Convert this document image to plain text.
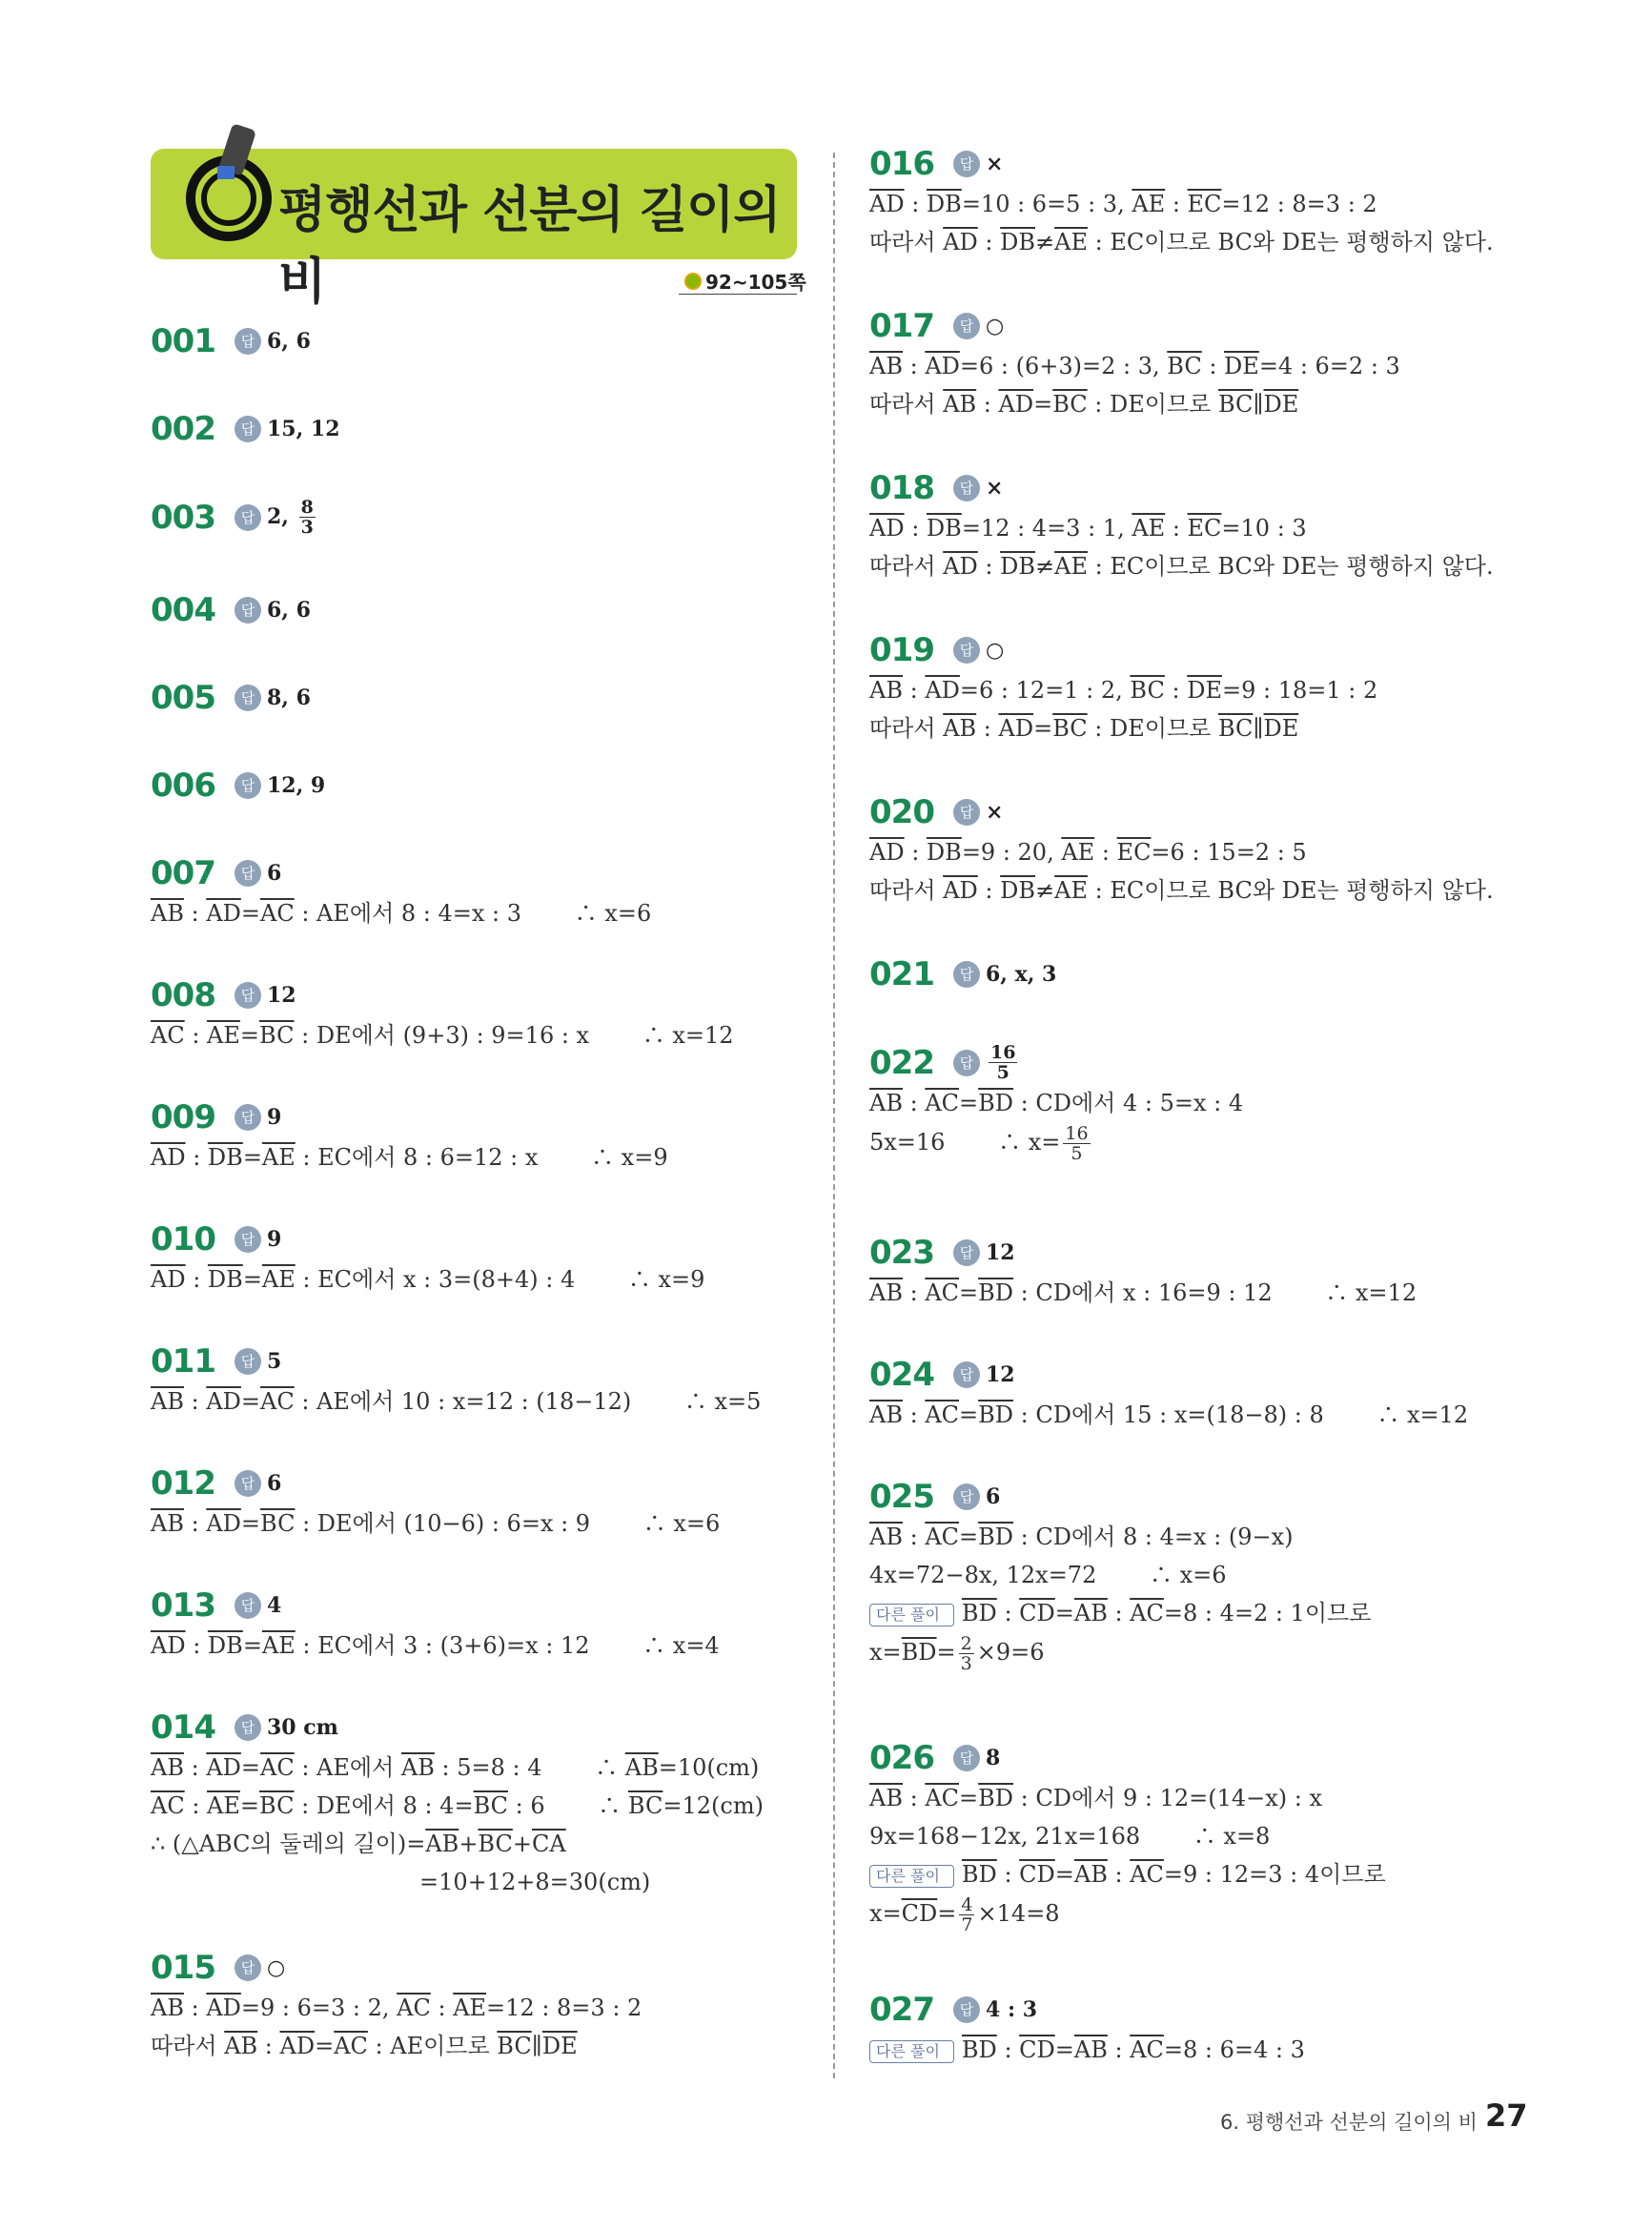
평행선과 선분의 길이의 비	92~105쪽
001 답 6, 6
002 답 15, 12
003 답 2, $\frac{8}{3}$
004 답 6, 6
005 답 8, 6
006 답 12, 9
007 답 6
$\overline{AB}$ : $\overline{AD}=\overline{AC}$ : AE에서 8 : 4=x : 3　　 ∴ x=6
008 답 12
$\overline{AC}$ : $\overline{AE}=\overline{BC}$ : DE에서 (9+3) : 9=16 : x　　 ∴ x=12
009 답 9
$\overline{AD}$ : $\overline{DB}=\overline{AE}$ : EC에서 8 : 6=12 : x　　 ∴ x=9
010 답 9
$\overline{AD}$ : $\overline{DB}=\overline{AE}$ : EC에서 x : 3=(8+4) : 4　　 ∴ x=9
011 답 5
$\overline{AB}$ : $\overline{AD}=\overline{AC}$ : AE에서 10 : x=12 : (18−12)　　 ∴ x=5
012 답 6
$\overline{AB}$ : $\overline{AD}=\overline{BC}$ : DE에서 (10−6) : 6=x : 9　　 ∴ x=6
013 답 4
$\overline{AD}$ : $\overline{DB}=\overline{AE}$ : EC에서 3 : (3+6)=x : 12　　 ∴ x=4
014 답 30 cm
$\overline{AB}$ : $\overline{AD}=\overline{AC}$ : AE에서 $\overline{AB}$ : 5=8 : 4　　 ∴ $\overline{AB}=10(cm)$
$\overline{AC}$ : $\overline{AE}=\overline{BC}$ : DE에서 8 : $4=\overline{BC}$ : 6　　 ∴ $\overline{BC}=12(cm)$
∴ (△ABC의 둘레의 길이)$=\overline{AB}+\overline{BC}+\overline{CA}$
=10+12+8=30(cm)
015 답 ○
$\overline{AB}$ : $\overline{AD}=9$ : 6=3 : 2, $\overline{AC}$ : $\overline{AE}=12$ : 8=3 : 2
따라서 $\overline{AB}$ : $\overline{AD}=\overline{AC}$ : AE이므로 $\overline{BC}\parallel\overline{DE}$
016 답 ×
$\overline{AD}$ : $\overline{DB}=10$ : 6=5 : 3, $\overline{AE}$ : $\overline{EC}=12$ : 8=3 : 2
따라서 $\overline{AD}$ : $\overline{DB}\ne\overline{AE}$ : EC이므로 BC와 DE는 평행하지 않다.
017 답 ○
$\overline{AB}$ : $\overline{AD}=6$ : (6+3)=2 : 3, $\overline{BC}$ : $\overline{DE}=4$ : 6=2 : 3
따라서 $\overline{AB}$ : $\overline{AD}=\overline{BC}$ : DE이므로 $\overline{BC}\parallel\overline{DE}$
018 답 ×
$\overline{AD}$ : $\overline{DB}=12$ : 4=3 : 1, $\overline{AE}$ : $\overline{EC}=10$ : 3
따라서 $\overline{AD}$ : $\overline{DB}\ne\overline{AE}$ : EC이므로 BC와 DE는 평행하지 않다.
019 답 ○
$\overline{AB}$ : $\overline{AD}=6$ : 12=1 : 2, $\overline{BC}$ : $\overline{DE}=9$ : 18=1 : 2
따라서 $\overline{AB}$ : $\overline{AD}=\overline{BC}$ : DE이므로 $\overline{BC}\parallel\overline{DE}$
020 답 ×
$\overline{AD}$ : $\overline{DB}=9$ : 20, $\overline{AE}$ : $\overline{EC}=6$ : 15=2 : 5
따라서 $\overline{AD}$ : $\overline{DB}\ne\overline{AE}$ : EC이므로 BC와 DE는 평행하지 않다.
021 답 6, x, 3
022 답 $\frac{16}{5}$
$\overline{AB}$ : $\overline{AC}=\overline{BD}$ : CD에서 4 : 5=x : 4
5x=16　　 ∴ $x= \frac{16}{5}$
023 답 12
$\overline{AB}$ : $\overline{AC}=\overline{BD}$ : CD에서 x : 16=9 : 12　　 ∴ x=12
024 답 12
$\overline{AB}$ : $\overline{AC}=\overline{BD}$ : CD에서 15 : x=(18−8) : 8　　 ∴ x=12
025 답 6
$\overline{AB}$ : $\overline{AC}=\overline{BD}$ : CD에서 8 : 4=x : (9−x)
4x=72−8x, 12x=72　　 ∴ x=6
다른 풀이 $\overline{BD}$ : $\overline{CD}=\overline{AB}$ : $\overline{AC}=8$ : 4=2 : 1이므로
$x=\overline{BD}= \frac{2}{3} \times 9=6$
026 답 8
$\overline{AB}$ : $\overline{AC}=\overline{BD}$ : CD에서 9 : 12=(14−x) : x
9x=168−12x, 21x=168　　 ∴ x=8
다른 풀이 $\overline{BD}$ : $\overline{CD}=\overline{AB}$ : $\overline{AC}=9$ : 12=3 : 4이므로
$x=\overline{CD}= \frac{4}{7} \times 14=8$
027 답 4 : 3
다른 풀이 $\overline{BD}$ : $\overline{CD}=\overline{AB}$ : $\overline{AC}=8$ : 6=4 : 3
6. 평행선과 선분의 길이의 비 27
